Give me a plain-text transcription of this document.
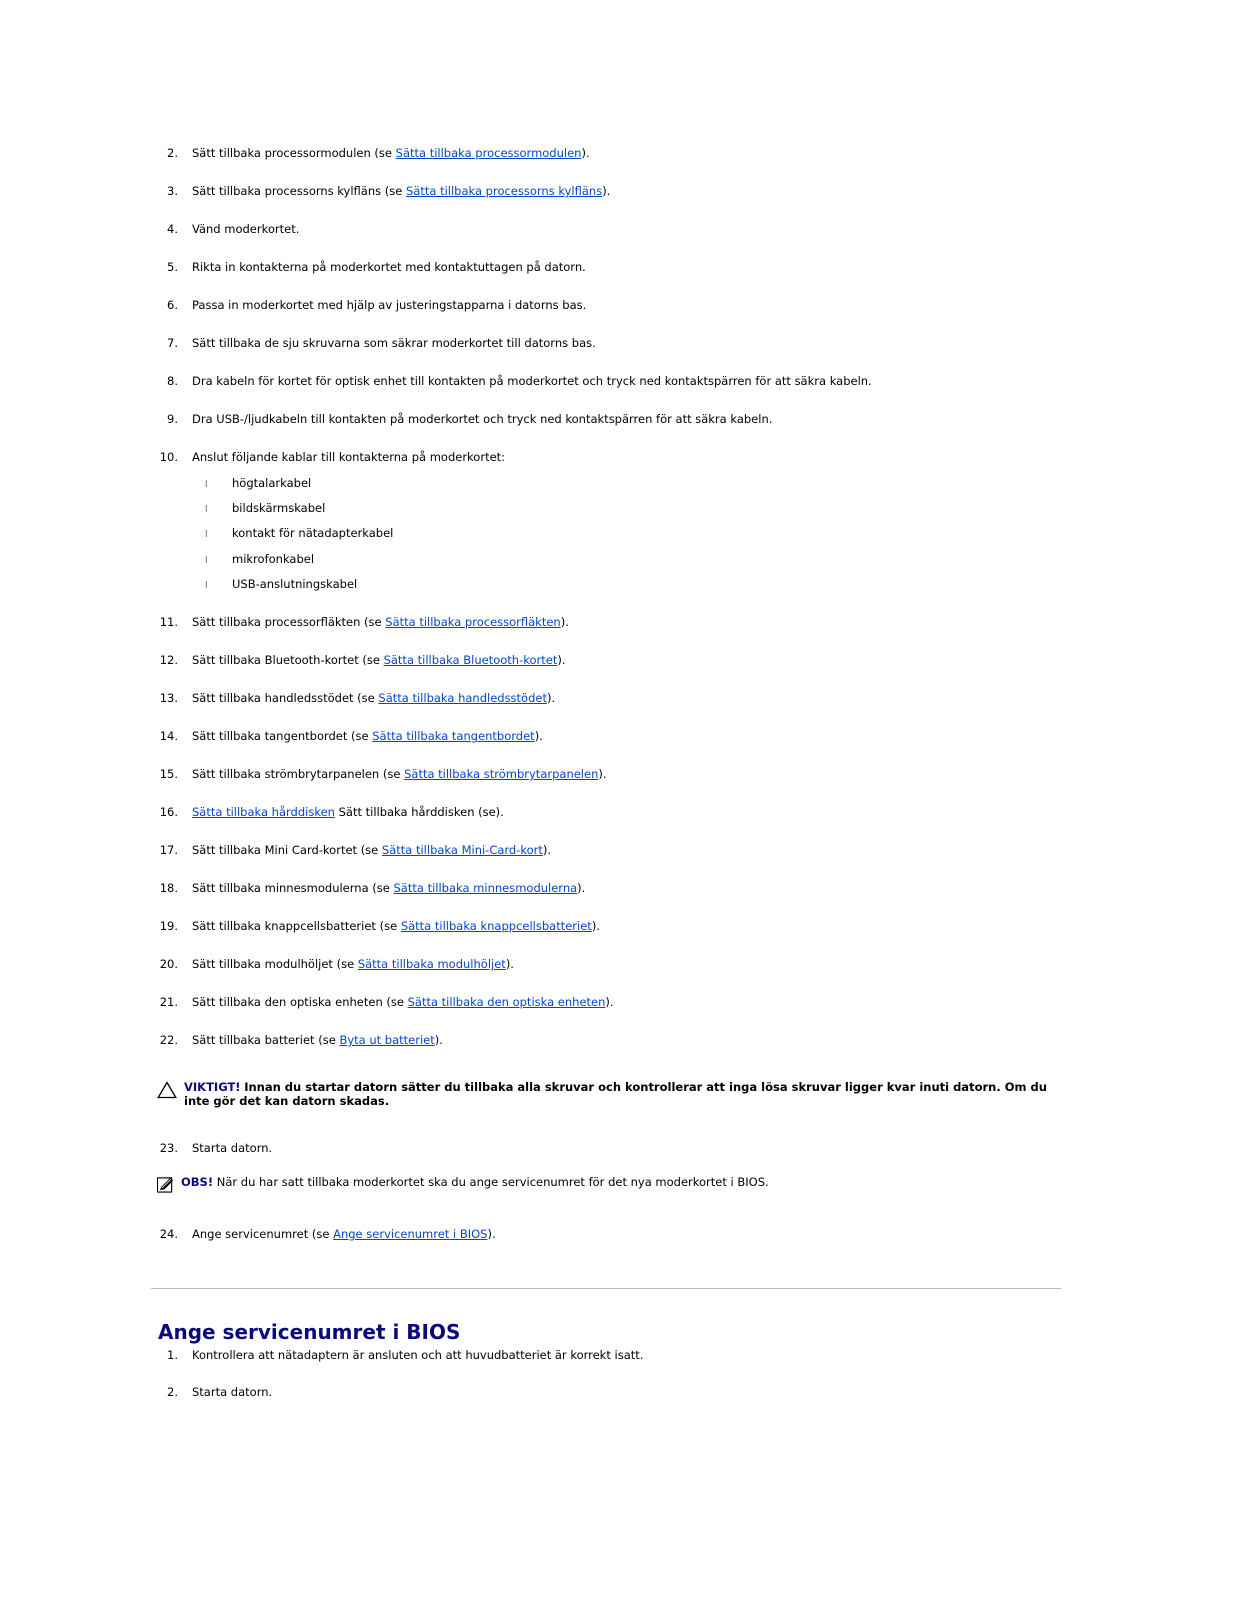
2. Sätt tillbaka processormodulen (se Sätta tillbaka processormodulen).
3. Sätt tillbaka processorns kylfläns (se Sätta tillbaka processorns kylfläns).
4. Vänd moderkortet.
5. Rikta in kontakterna på moderkortet med kontaktuttagen på datorn.
6. Passa in moderkortet med hjälp av justeringstapparna i datorns bas.
7. Sätt tillbaka de sju skruvarna som säkrar moderkortet till datorns bas.
8. Dra kabeln för kortet för optisk enhet till kontakten på moderkortet och tryck ned kontaktspärren för att säkra kabeln.
9. Dra USB-/ljudkabeln till kontakten på moderkortet och tryck ned kontaktspärren för att säkra kabeln.
10. Anslut följande kablar till kontakterna på moderkortet:
l högtalarkabel
l bildskärmskabel
l kontakt för nätadapterkabel
l mikrofonkabel
l USB-anslutningskabel
11. Sätt tillbaka processorfläkten (se Sätta tillbaka processorfläkten).
12. Sätt tillbaka Bluetooth-kortet (se Sätta tillbaka Bluetooth-kortet).
13. Sätt tillbaka handledsstödet (se Sätta tillbaka handledsstödet).
14. Sätt tillbaka tangentbordet (se Sätta tillbaka tangentbordet).
15. Sätt tillbaka strömbrytarpanelen (se Sätta tillbaka strömbrytarpanelen).
16. Sätta tillbaka hårddisken Sätt tillbaka hårddisken (se).
17. Sätt tillbaka Mini Card-kortet (se Sätta tillbaka Mini-Card-kort).
18. Sätt tillbaka minnesmodulerna (se Sätta tillbaka minnesmodulerna).
19. Sätt tillbaka knappcellsbatteriet (se Sätta tillbaka knappcellsbatteriet).
20. Sätt tillbaka modulhöljet (se Sätta tillbaka modulhöljet).
21. Sätt tillbaka den optiska enheten (se Sätta tillbaka den optiska enheten).
22. Sätt tillbaka batteriet (se Byta ut batteriet).
VIKTIGT! Innan du startar datorn sätter du tillbaka alla skruvar och kontrollerar att inga lösa skruvar ligger kvar inuti datorn. Om du inte gör det kan datorn skadas.
23. Starta datorn.
OBS! När du har satt tillbaka moderkortet ska du ange servicenumret för det nya moderkortet i BIOS.
24. Ange servicenumret (se Ange servicenumret i BIOS).
Ange servicenumret i BIOS
1. Kontrollera att nätadaptern är ansluten och att huvudbatteriet är korrekt isatt.
2. Starta datorn.
